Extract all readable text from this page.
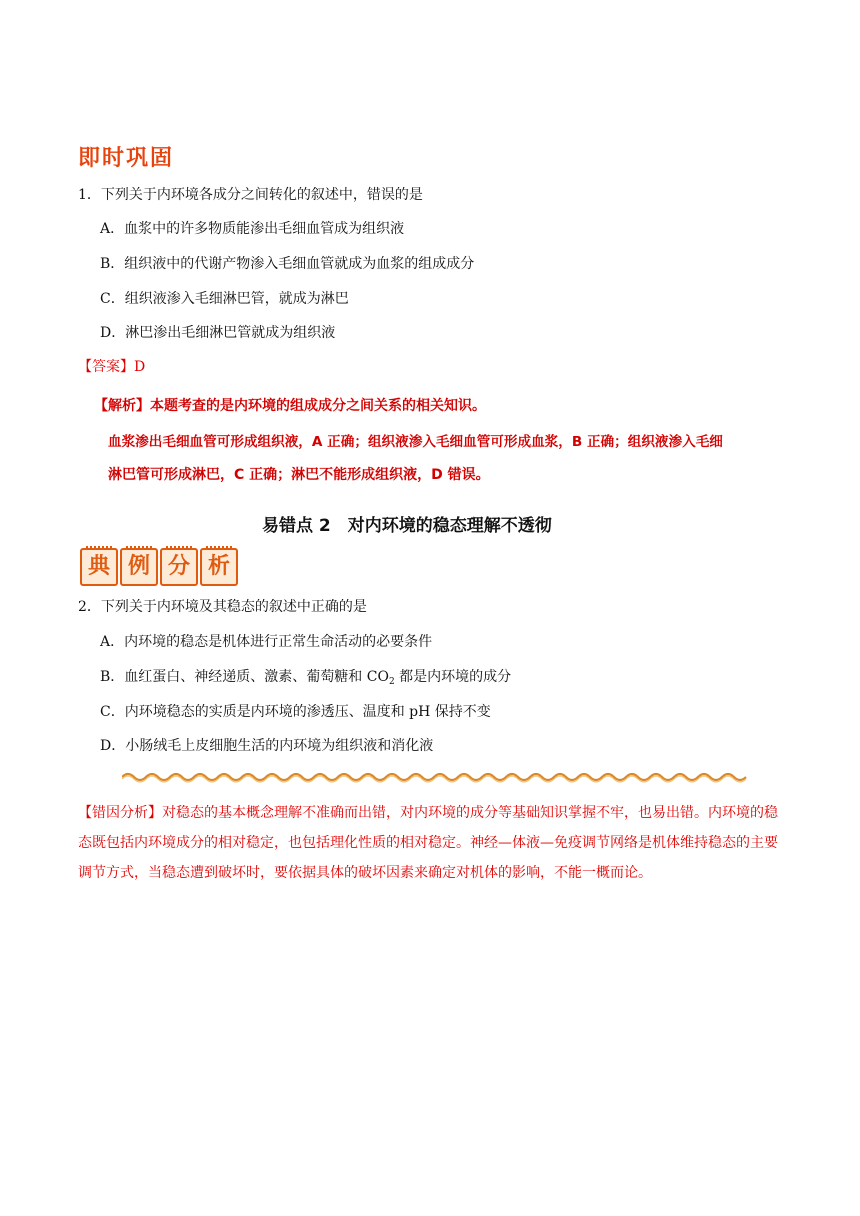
即时巩固
1．下列关于内环境各成分之间转化的叙述中，错误的是
A．血浆中的许多物质能渗出毛细血管成为组织液
B．组织液中的代谢产物渗入毛细血管就成为血浆的组成成分
C．组织液渗入毛细淋巴管，就成为淋巴
D．淋巴渗出毛细淋巴管就成为组织液
【答案】D
【解析】本题考查的是内环境的组成成分之间关系的相关知识。
血浆渗出毛细血管可形成组织液，A 正确；组织液渗入毛细血管可形成血浆，B 正确；组织液渗入毛细
淋巴管可形成淋巴，C 正确；淋巴不能形成组织液，D 错误。
易错点 2　对内环境的稳态理解不透彻
典 例 分 析
2．下列关于内环境及其稳态的叙述中正确的是
A．内环境的稳态是机体进行正常生命活动的必要条件
B．血红蛋白、神经递质、激素、葡萄糖和 $CO_2$ 都是内环境的成分
C．内环境稳态的实质是内环境的渗透压、温度和 pH 保持不变
D．小肠绒毛上皮细胞生活的内环境为组织液和消化液
【错因分析】对稳态的基本概念理解不准确而出错，对内环境的成分等基础知识掌握不牢，也易出错。内环境的稳态既包括内环境成分的相对稳定，也包括理化性质的相对稳定。神经—体液—免疫调节网络是机体维持稳态的主要调节方式，当稳态遭到破坏时，要依据具体的破坏因素来确定对机体的影响，不能一概而论。
